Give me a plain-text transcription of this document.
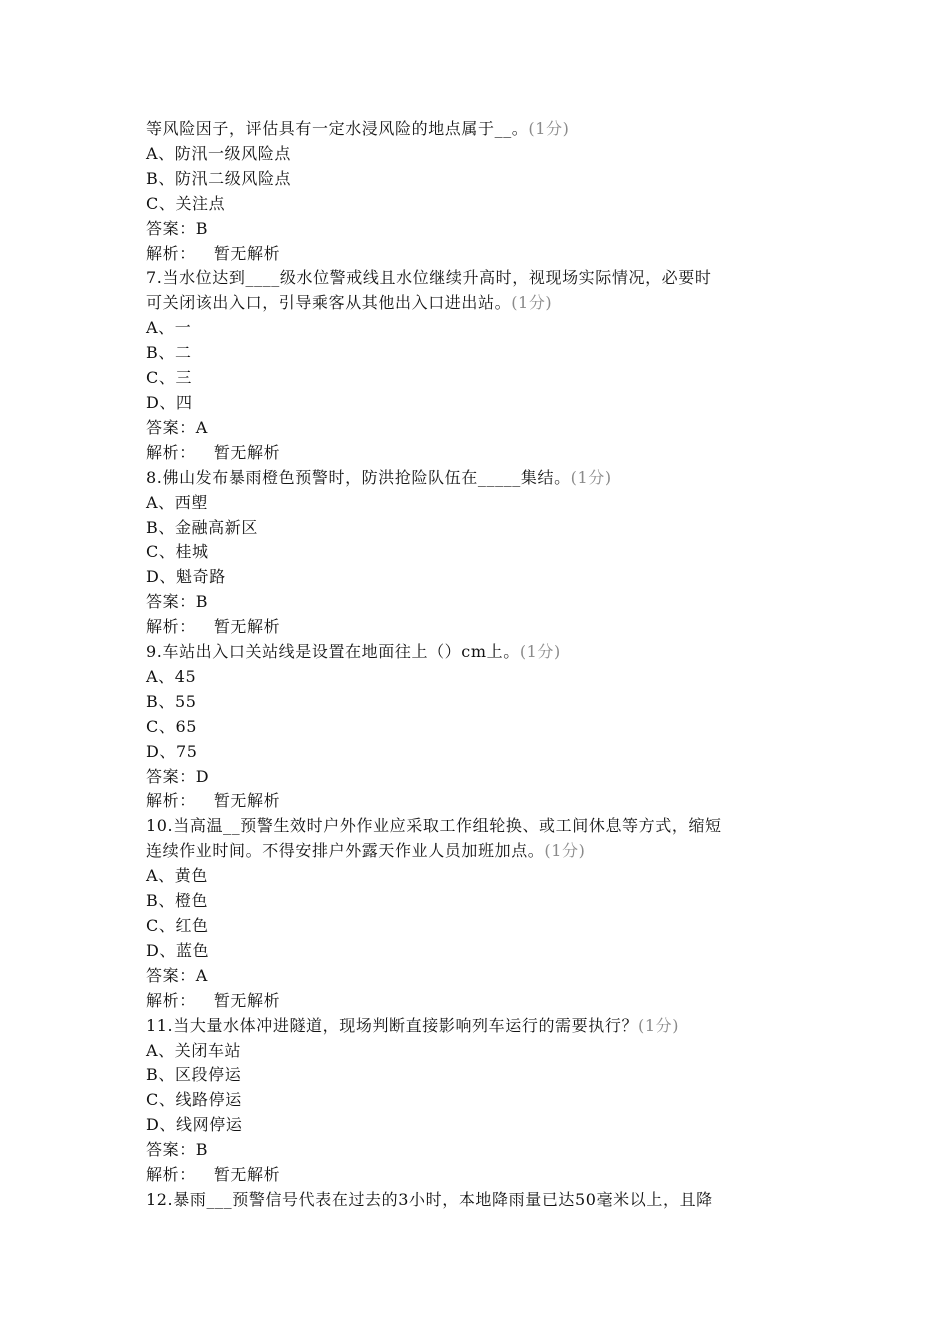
等风险因子，评估具有一定水浸风险的地点属于__。(1分)
A、防汛一级风险点
B、防汛二级风险点
C、关注点
答案：B
解析： 暂无解析
7.当水位达到____级水位警戒线且水位继续升高时，视现场实际情况，必要时
可关闭该出入口，引导乘客从其他出入口进出站。(1分)
A、一
B、二
C、三
D、四
答案：A
解析： 暂无解析
8.佛山发布暴雨橙色预警时，防洪抢险队伍在_____集结。(1分)
A、西塱
B、金融高新区
C、桂城
D、魁奇路
答案：B
解析： 暂无解析
9.车站出入口关站线是设置在地面往上（）cm上。(1分)
A、45
B、55
C、65
D、75
答案：D
解析： 暂无解析
10.当高温__预警生效时户外作业应采取工作组轮换、或工间休息等方式，缩短
连续作业时间。不得安排户外露天作业人员加班加点。(1分)
A、黄色
B、橙色
C、红色
D、蓝色
答案：A
解析： 暂无解析
11.当大量水体冲进隧道，现场判断直接影响列车运行的需要执行？(1分)
A、关闭车站
B、区段停运
C、线路停运
D、线网停运
答案：B
解析： 暂无解析
12.暴雨___预警信号代表在过去的3小时，本地降雨量已达50毫米以上，且降
